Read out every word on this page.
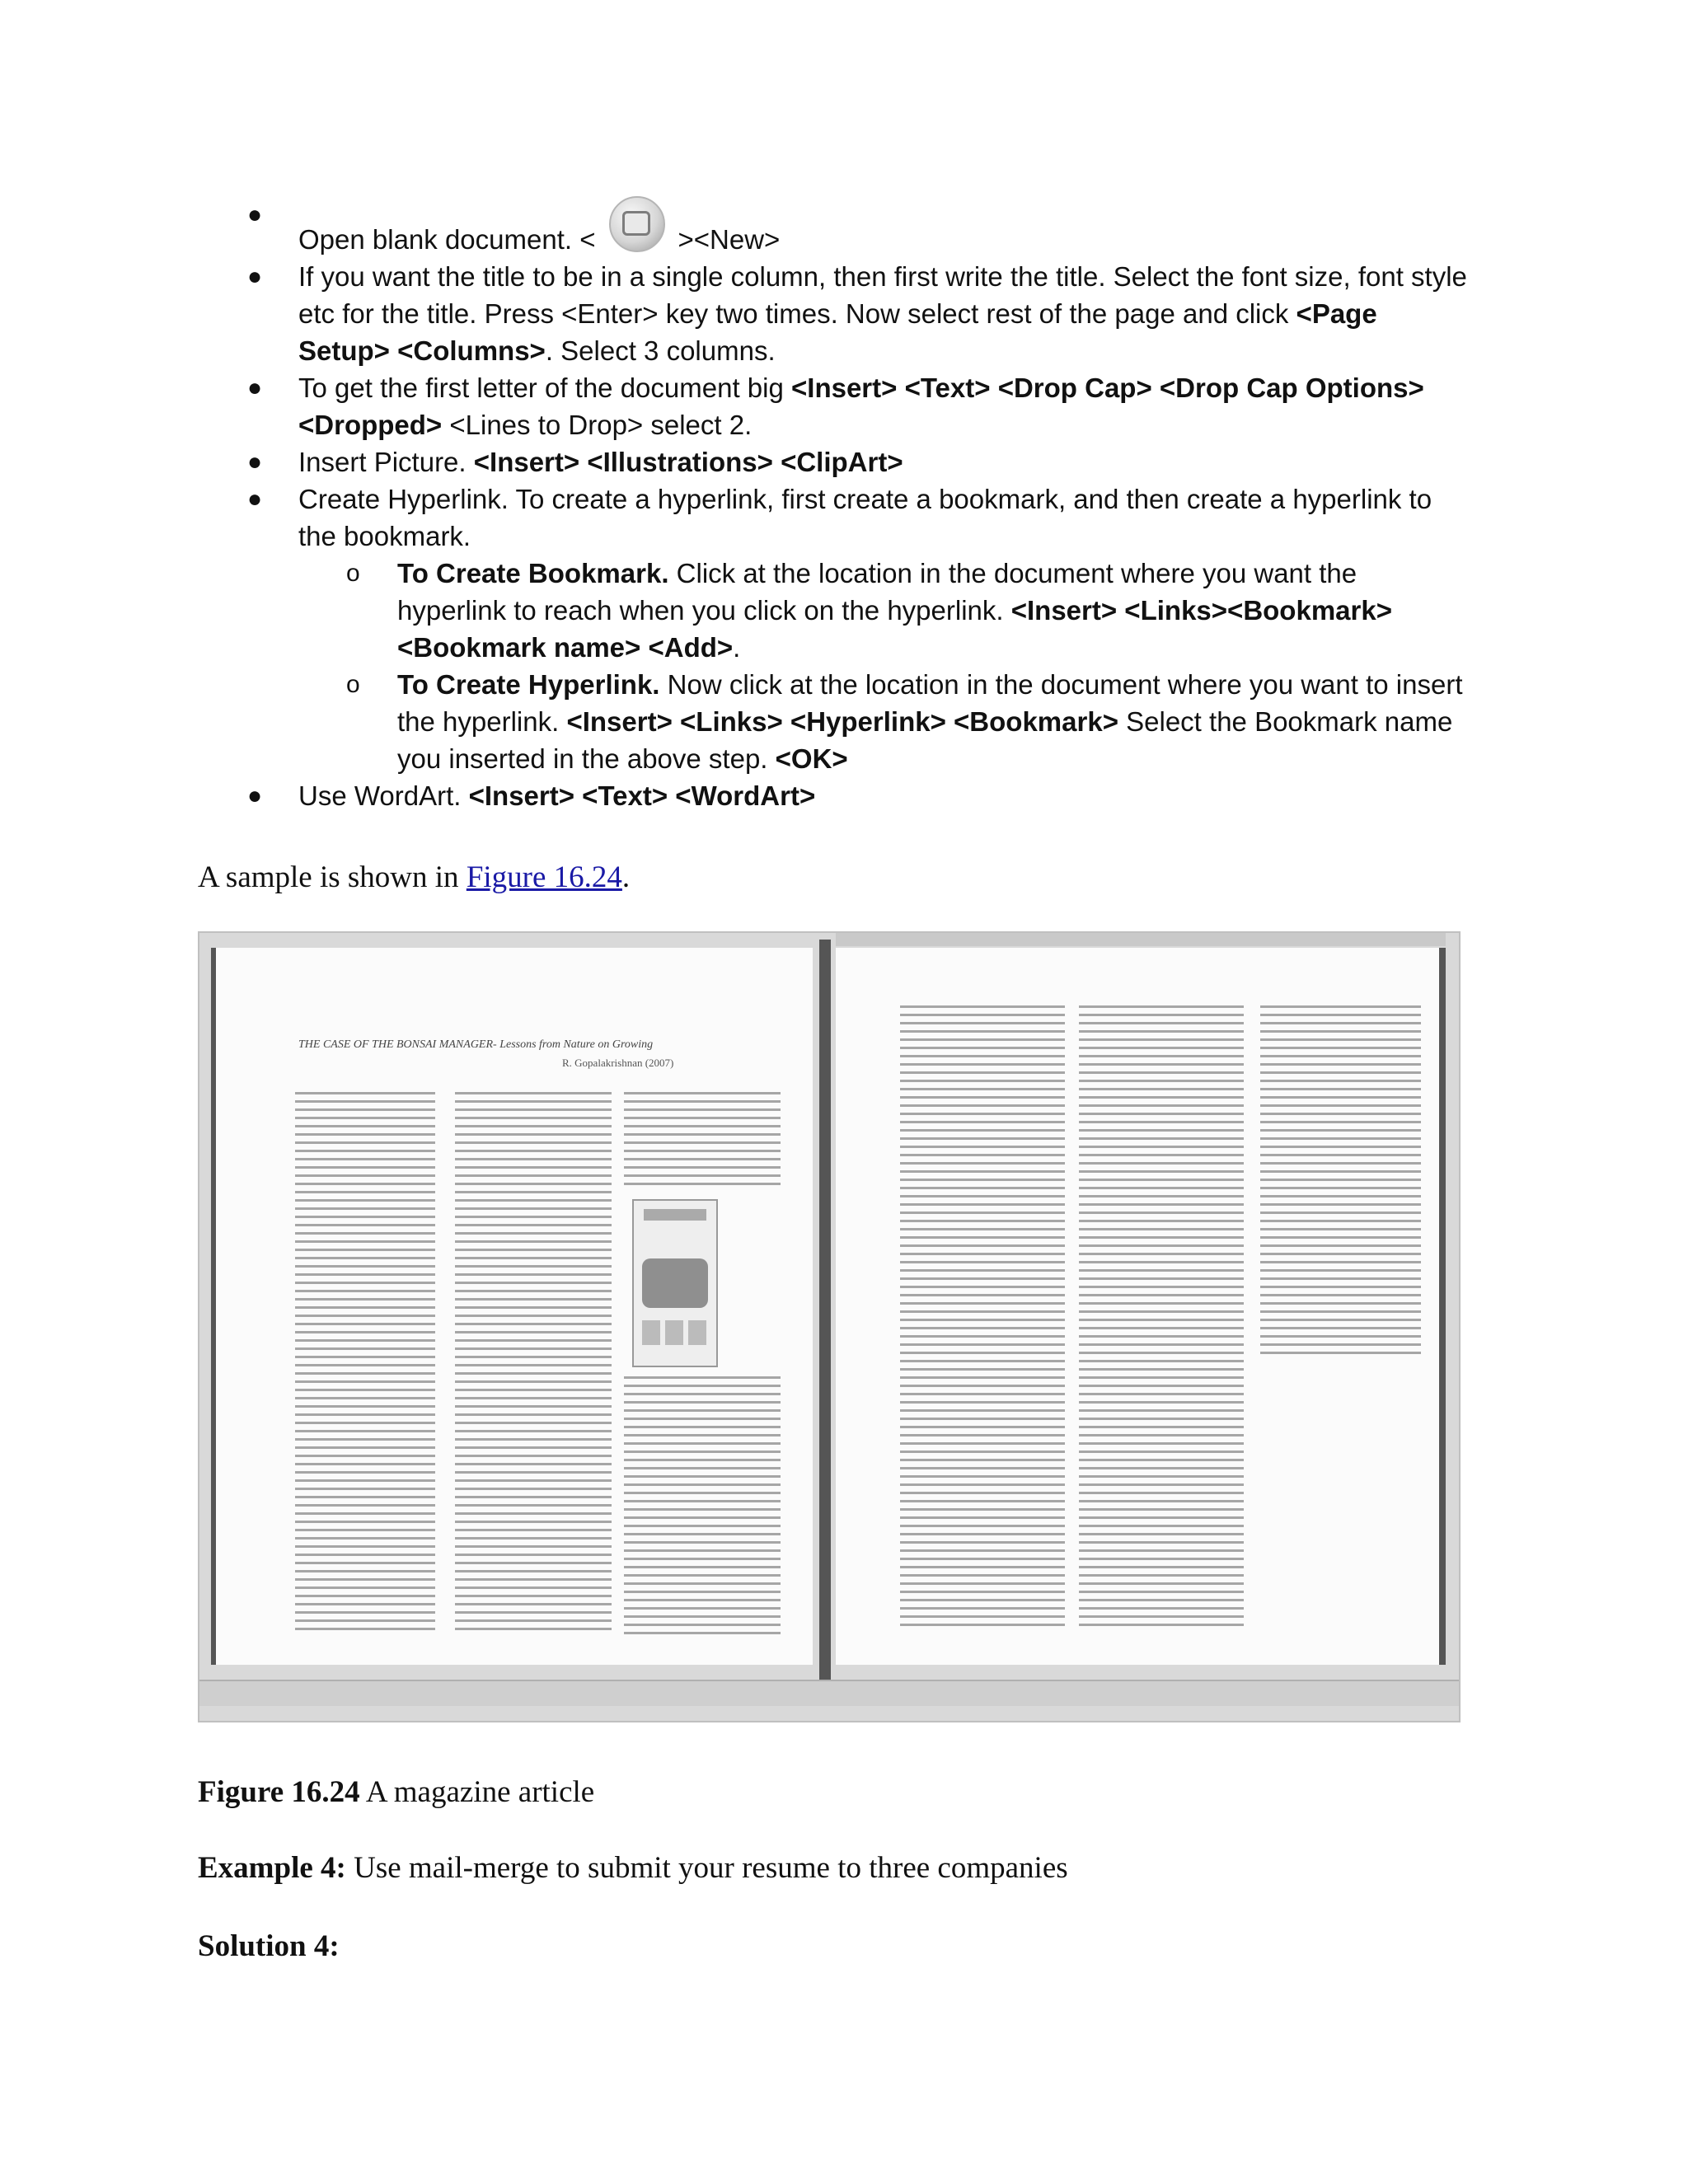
●
Open blank document. <	><New>
●	If you want the title to be in a single column, then first write the title. Select the font size, font style etc for the title. Press <Enter> key two times. Now select rest of the page and click <Page Setup> <Columns>. Select 3 columns.
●	To get the first letter of the document big <Insert> <Text> <Drop Cap> <Drop Cap Options> <Dropped> <Lines to Drop> select 2.
●	Insert Picture. <Insert> <Illustrations> <ClipArt>
●	Create Hyperlink. To create a hyperlink, first create a bookmark, and then create a hyperlink to the bookmark.
o To Create Bookmark. Click at the location in the document where you want the hyperlink to reach when you click on the hyperlink. <Insert> <Links><Bookmark> <Bookmark name> <Add>.
o To Create Hyperlink. Now click at the location in the document where you want to insert the hyperlink. <Insert> <Links> <Hyperlink> <Bookmark> Select the Bookmark name you inserted in the above step. <OK>
●	Use WordArt. <Insert> <Text> <WordArt>
A sample is shown in Figure 16.24.
THE CASE OF THE BONSAI MANAGER- Lessons from Nature on Growing
R. Gopalakrishnan (2007)
Figure 16.24 A magazine article
Example 4: Use mail-merge to submit your resume to three companies
Solution 4:
